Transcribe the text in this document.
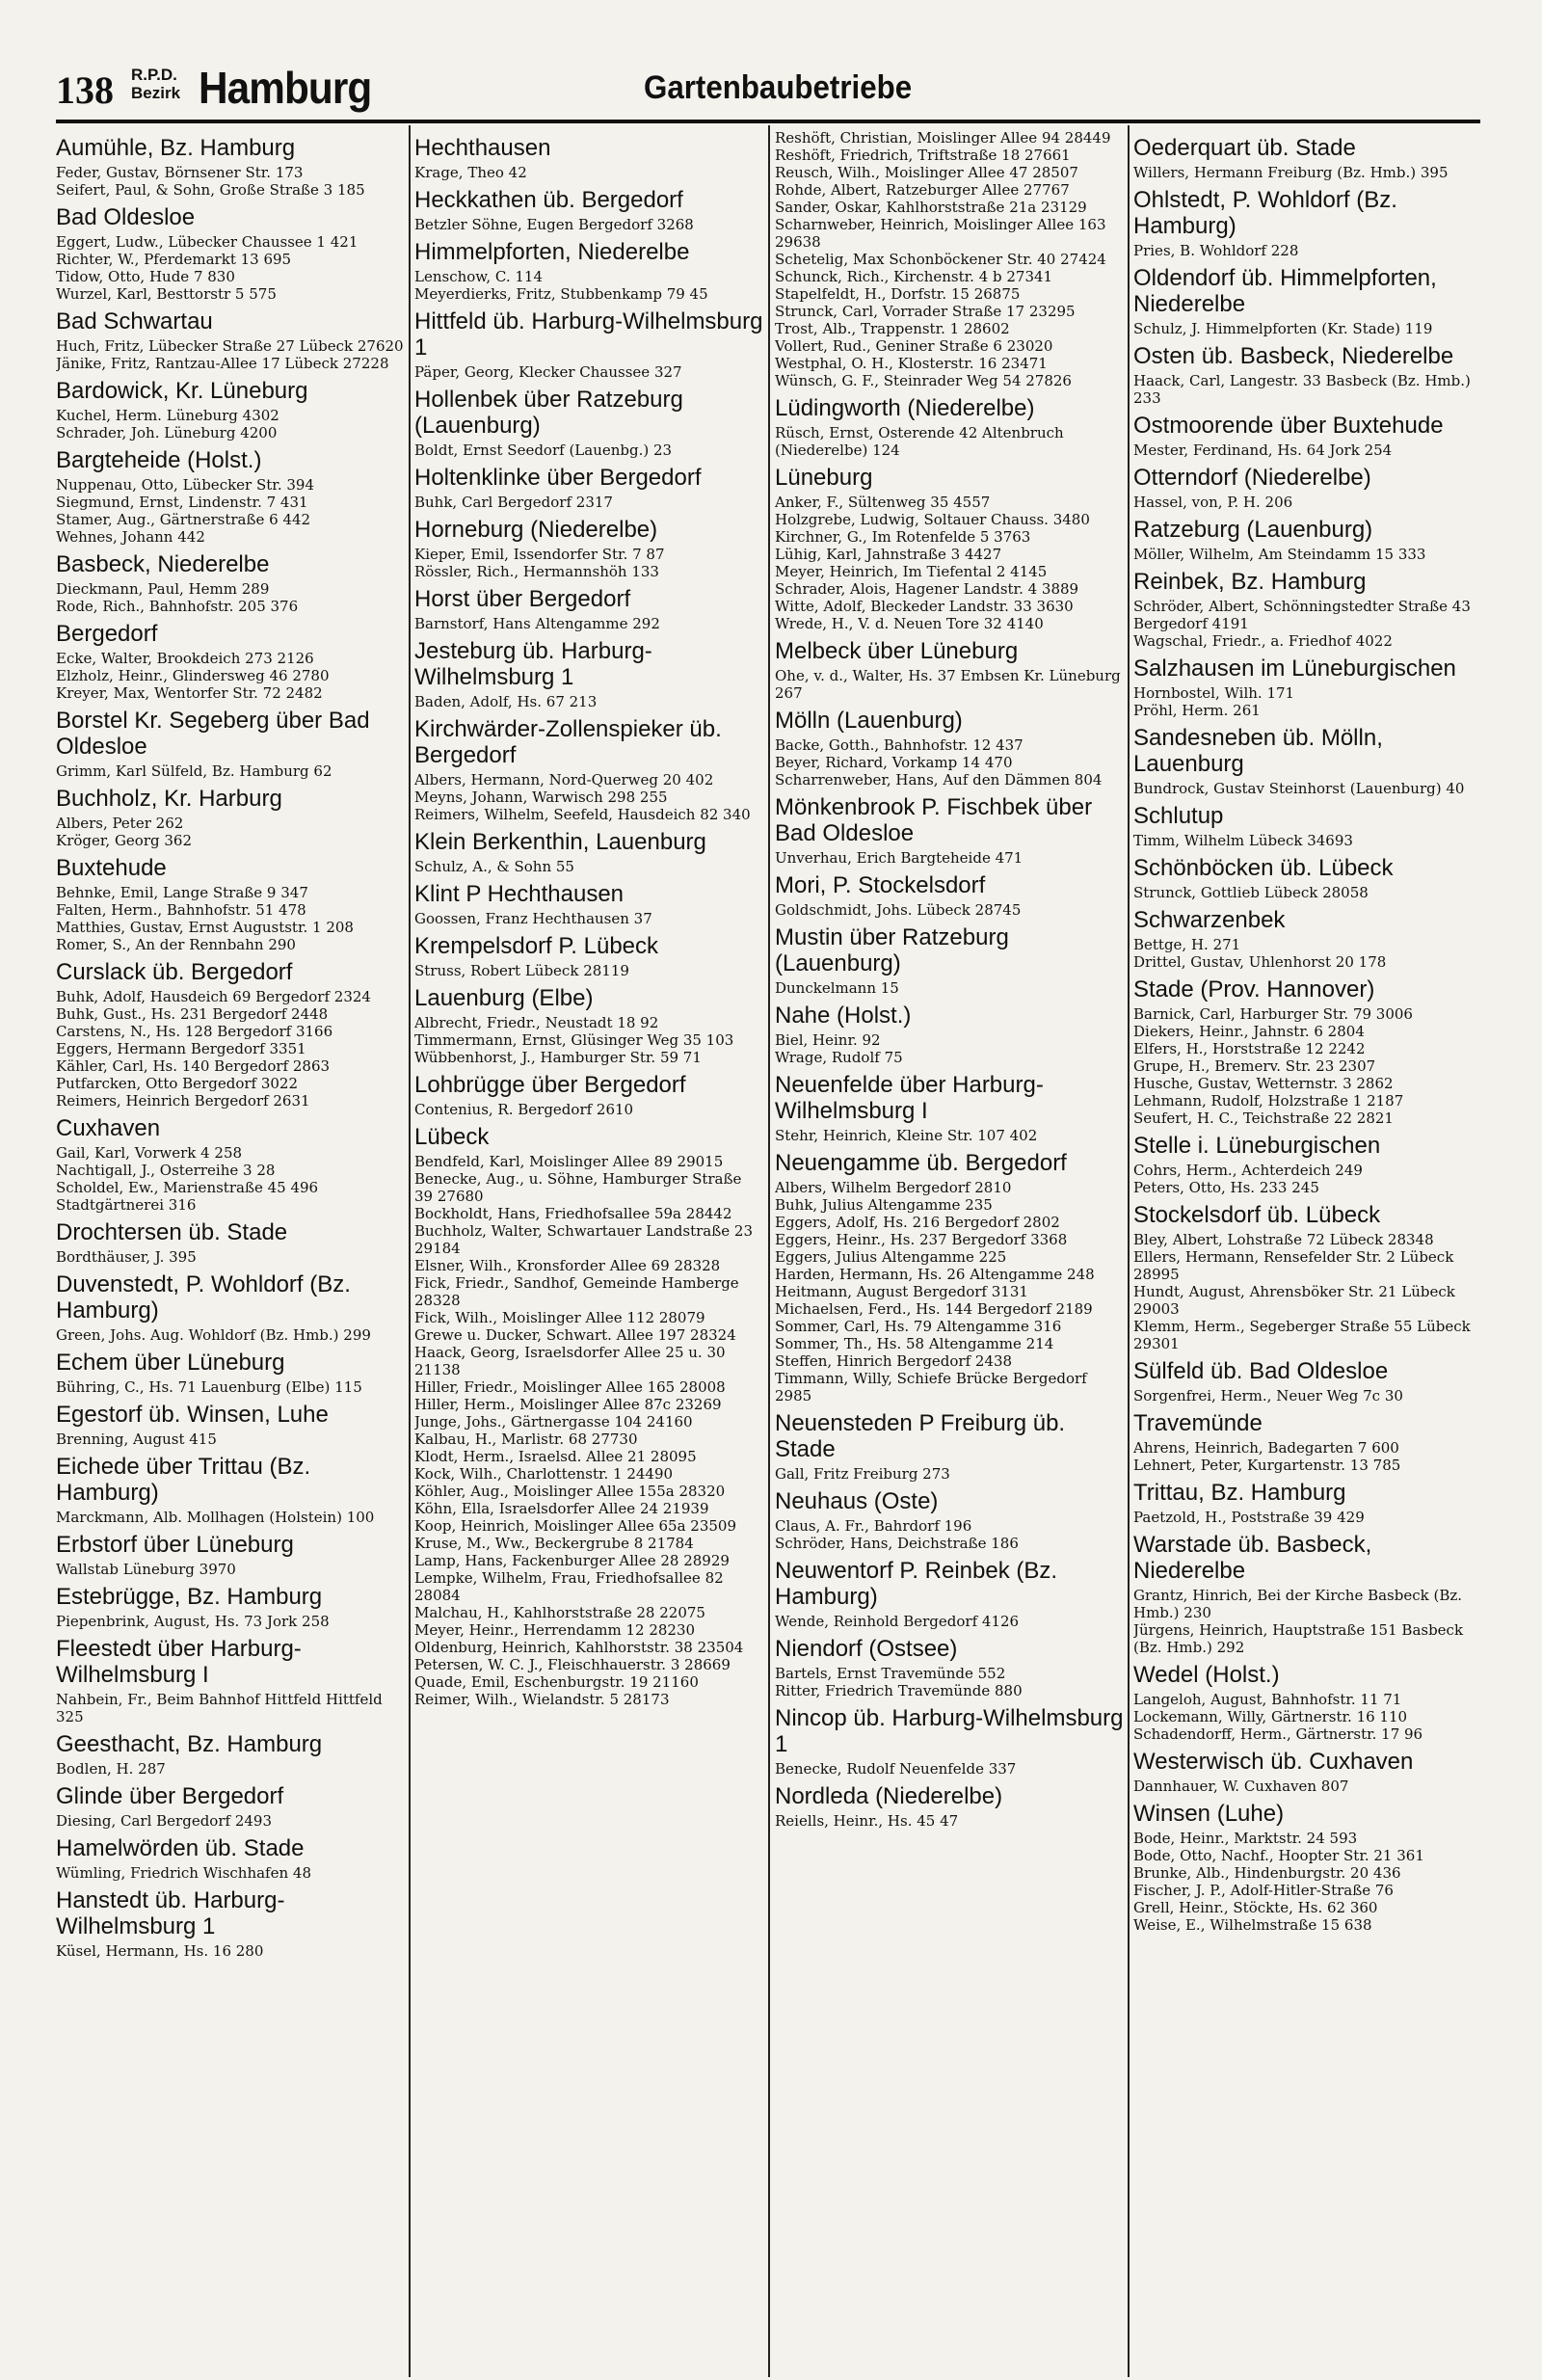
138 R.P.D.
Bezirk Hamburg	Gartenbaubetriebe
Aumühle, Bz. Hamburg
Feder, Gustav, Börnsener Str. 173
Seifert, Paul, & Sohn, Große Straße 3 185
Bad Oldesloe
Eggert, Ludw., Lübecker Chaussee 1 421
Richter, W., Pferdemarkt 13 695
Tidow, Otto, Hude 7 830
Wurzel, Karl, Besttorstr 5 575
Bad Schwartau
Huch, Fritz, Lübecker Straße 27 Lübeck 27620
Jänike, Fritz, Rantzau-Allee 17 Lübeck 27228
Bardowick, Kr. Lüneburg
Kuchel, Herm. Lüneburg 4302
Schrader, Joh. Lüneburg 4200
Bargteheide (Holst.)
Nuppenau, Otto, Lübecker Str. 394
Siegmund, Ernst, Lindenstr. 7 431
Stamer, Aug., Gärtnerstraße 6 442
Wehnes, Johann 442
Basbeck, Niederelbe
Dieckmann, Paul, Hemm 289
Rode, Rich., Bahnhofstr. 205 376
Bergedorf
Ecke, Walter, Brookdeich 273 2126
Elzholz, Heinr., Glindersweg 46 2780
Kreyer, Max, Wentorfer Str. 72 2482
Borstel Kr. Segeberg über Bad Oldesloe
Grimm, Karl Sülfeld, Bz. Hamburg 62
Buchholz, Kr. Harburg
Albers, Peter 262
Kröger, Georg 362
Buxtehude
Behnke, Emil, Lange Straße 9 347
Falten, Herm., Bahnhofstr. 51 478
Matthies, Gustav, Ernst Auguststr. 1 208
Romer, S., An der Rennbahn 290
Curslack üb. Bergedorf
Buhk, Adolf, Hausdeich 69 Bergedorf 2324
Buhk, Gust., Hs. 231 Bergedorf 2448
Carstens, N., Hs. 128 Bergedorf 3166
Eggers, Hermann Bergedorf 3351
Kähler, Carl, Hs. 140 Bergedorf 2863
Putfarcken, Otto Bergedorf 3022
Reimers, Heinrich Bergedorf 2631
Cuxhaven
Gail, Karl, Vorwerk 4 258
Nachtigall, J., Osterreihe 3 28
Scholdel, Ew., Marienstraße 45 496
Stadtgärtnerei 316
Drochtersen üb. Stade
Bordthäuser, J. 395
Duvenstedt, P. Wohldorf (Bz. Hamburg)
Green, Johs. Aug. Wohldorf (Bz. Hmb.) 299
Echem über Lüneburg
Bühring, C., Hs. 71 Lauenburg (Elbe) 115
Egestorf üb. Winsen, Luhe
Brenning, August 415
Eichede über Trittau (Bz. Hamburg)
Marckmann, Alb. Mollhagen (Holstein) 100
Erbstorf über Lüneburg
Wallstab Lüneburg 3970
Estebrügge, Bz. Hamburg
Piepenbrink, August, Hs. 73 Jork 258
Fleestedt über Harburg-Wilhelmsburg I
Nahbein, Fr., Beim Bahnhof Hittfeld Hittfeld 325
Geesthacht, Bz. Hamburg
Bodlen, H. 287
Glinde über Bergedorf
Diesing, Carl Bergedorf 2493
Hamelwörden üb. Stade
Wümling, Friedrich Wischhafen 48
Hanstedt üb. Harburg-Wilhelmsburg 1
Küsel, Hermann, Hs. 16 280
Hechthausen
Krage, Theo 42
Heckkathen üb. Bergedorf
Betzler Söhne, Eugen Bergedorf 3268
Himmelpforten, Niederelbe
Lenschow, C. 114
Meyerdierks, Fritz, Stubbenkamp 79 45
Hittfeld üb. Harburg-Wilhelmsburg 1
Päper, Georg, Klecker Chaussee 327
Hollenbek über Ratzeburg (Lauenburg)
Boldt, Ernst Seedorf (Lauenbg.) 23
Holtenklinke über Bergedorf
Buhk, Carl Bergedorf 2317
Horneburg (Niederelbe)
Kieper, Emil, Issendorfer Str. 7 87
Rössler, Rich., Hermannshöh 133
Horst über Bergedorf
Barnstorf, Hans Altengamme 292
Jesteburg üb. Harburg-Wilhelmsburg 1
Baden, Adolf, Hs. 67 213
Kirchwärder-Zollenspieker üb. Bergedorf
Albers, Hermann, Nord-Querweg 20 402
Meyns, Johann, Warwisch 298 255
Reimers, Wilhelm, Seefeld, Hausdeich 82 340
Klein Berkenthin, Lauenburg
Schulz, A., & Sohn 55
Klint P Hechthausen
Goossen, Franz Hechthausen 37
Krempelsdorf P. Lübeck
Struss, Robert Lübeck 28119
Lauenburg (Elbe)
Albrecht, Friedr., Neustadt 18 92
Timmermann, Ernst, Glüsinger Weg 35 103
Wübbenhorst, J., Hamburger Str. 59 71
Lohbrügge über Bergedorf
Contenius, R. Bergedorf 2610
Lübeck
Bendfeld, Karl, Moislinger Allee 89 29015
Benecke, Aug., u. Söhne, Hamburger Straße 39 27680
Bockholdt, Hans, Friedhofsallee 59a 28442
Buchholz, Walter, Schwartauer Landstraße 23 29184
Elsner, Wilh., Kronsforder Allee 69 28328
Fick, Friedr., Sandhof, Gemeinde Hamberge 28328
Fick, Wilh., Moislinger Allee 112 28079
Grewe u. Ducker, Schwart. Allee 197 28324
Haack, Georg, Israelsdorfer Allee 25 u. 30 21138
Hiller, Friedr., Moislinger Allee 165 28008
Hiller, Herm., Moislinger Allee 87c 23269
Junge, Johs., Gärtnergasse 104 24160
Kalbau, H., Marlistr. 68 27730
Klodt, Herm., Israelsd. Allee 21 28095
Kock, Wilh., Charlottenstr. 1 24490
Köhler, Aug., Moislinger Allee 155a 28320
Köhn, Ella, Israelsdorfer Allee 24 21939
Koop, Heinrich, Moislinger Allee 65a 23509
Kruse, M., Ww., Beckergrube 8 21784
Lamp, Hans, Fackenburger Allee 28 28929
Lempke, Wilhelm, Frau, Friedhofsallee 82 28084
Malchau, H., Kahlhorststraße 28 22075
Meyer, Heinr., Herrendamm 12 28230
Oldenburg, Heinrich, Kahlhorststr. 38 23504
Petersen, W. C. J., Fleischhauerstr. 3 28669
Quade, Emil, Eschenburgstr. 19 21160
Reimer, Wilh., Wielandstr. 5 28173
Reshöft, Christian, Moislinger Allee 94 28449
Reshöft, Friedrich, Triftstraße 18 27661
Reusch, Wilh., Moislinger Allee 47 28507
Rohde, Albert, Ratzeburger Allee 27767
Sander, Oskar, Kahlhorststraße 21a 23129
Scharnweber, Heinrich, Moislinger Allee 163 29638
Schetelig, Max Schonböckener Str. 40 27424
Schunck, Rich., Kirchenstr. 4 b 27341
Stapelfeldt, H., Dorfstr. 15 26875
Strunck, Carl, Vorrader Straße 17 23295
Trost, Alb., Trappenstr. 1 28602
Vollert, Rud., Geniner Straße 6 23020
Westphal, O. H., Klosterstr. 16 23471
Wünsch, G. F., Steinrader Weg 54 27826
Lüdingworth (Niederelbe)
Rüsch, Ernst, Osterende 42 Altenbruch (Niederelbe) 124
Lüneburg
Anker, F., Sültenweg 35 4557
Holzgrebe, Ludwig, Soltauer Chauss. 3480
Kirchner, G., Im Rotenfelde 5 3763
Lühig, Karl, Jahnstraße 3 4427
Meyer, Heinrich, Im Tiefental 2 4145
Schrader, Alois, Hagener Landstr. 4 3889
Witte, Adolf, Bleckeder Landstr. 33 3630
Wrede, H., V. d. Neuen Tore 32 4140
Melbeck über Lüneburg
Ohe, v. d., Walter, Hs. 37 Embsen Kr. Lüneburg 267
Mölln (Lauenburg)
Backe, Gotth., Bahnhofstr. 12 437
Beyer, Richard, Vorkamp 14 470
Scharrenweber, Hans, Auf den Dämmen 804
Mönkenbrook P. Fischbek über Bad Oldesloe
Unverhau, Erich Bargteheide 471
Mori, P. Stockelsdorf
Goldschmidt, Johs. Lübeck 28745
Mustin über Ratzeburg (Lauenburg)
Dunckelmann 15
Nahe (Holst.)
Biel, Heinr. 92
Wrage, Rudolf 75
Neuenfelde über Harburg-Wilhelmsburg I
Stehr, Heinrich, Kleine Str. 107 402
Neuengamme üb. Bergedorf
Albers, Wilhelm Bergedorf 2810
Buhk, Julius Altengamme 235
Eggers, Adolf, Hs. 216 Bergedorf 2802
Eggers, Heinr., Hs. 237 Bergedorf 3368
Eggers, Julius Altengamme 225
Harden, Hermann, Hs. 26 Altengamme 248
Heitmann, August Bergedorf 3131
Michaelsen, Ferd., Hs. 144 Bergedorf 2189
Sommer, Carl, Hs. 79 Altengamme 316
Sommer, Th., Hs. 58 Altengamme 214
Steffen, Hinrich Bergedorf 2438
Timmann, Willy, Schiefe Brücke Bergedorf 2985
Neuensteden P Freiburg üb. Stade
Gall, Fritz Freiburg 273
Neuhaus (Oste)
Claus, A. Fr., Bahrdorf 196
Schröder, Hans, Deichstraße 186
Neuwentorf P. Reinbek (Bz. Hamburg)
Wende, Reinhold Bergedorf 4126
Niendorf (Ostsee)
Bartels, Ernst Travemünde 552
Ritter, Friedrich Travemünde 880
Nincop üb. Harburg-Wilhelmsburg 1
Benecke, Rudolf Neuenfelde 337
Nordleda (Niederelbe)
Reiells, Heinr., Hs. 45 47
Oederquart üb. Stade
Willers, Hermann Freiburg (Bz. Hmb.) 395
Ohlstedt, P. Wohldorf (Bz. Hamburg)
Pries, B. Wohldorf 228
Oldendorf üb. Himmelpforten, Niederelbe
Schulz, J. Himmelpforten (Kr. Stade) 119
Osten üb. Basbeck, Niederelbe
Haack, Carl, Langestr. 33 Basbeck (Bz. Hmb.) 233
Ostmoorende über Buxtehude
Mester, Ferdinand, Hs. 64 Jork 254
Otterndorf (Niederelbe)
Hassel, von, P. H. 206
Ratzeburg (Lauenburg)
Möller, Wilhelm, Am Steindamm 15 333
Reinbek, Bz. Hamburg
Schröder, Albert, Schönningstedter Straße 43 Bergedorf 4191
Wagschal, Friedr., a. Friedhof 4022
Salzhausen im Lüneburgischen
Hornbostel, Wilh. 171
Pröhl, Herm. 261
Sandesneben üb. Mölln, Lauenburg
Bundrock, Gustav Steinhorst (Lauenburg) 40
Schlutup
Timm, Wilhelm Lübeck 34693
Schönböcken üb. Lübeck
Strunck, Gottlieb Lübeck 28058
Schwarzenbek
Bettge, H. 271
Drittel, Gustav, Uhlenhorst 20 178
Stade (Prov. Hannover)
Barnick, Carl, Harburger Str. 79 3006
Diekers, Heinr., Jahnstr. 6 2804
Elfers, H., Horststraße 12 2242
Grupe, H., Bremerv. Str. 23 2307
Husche, Gustav, Wetternstr. 3 2862
Lehmann, Rudolf, Holzstraße 1 2187
Seufert, H. C., Teichstraße 22 2821
Stelle i. Lüneburgischen
Cohrs, Herm., Achterdeich 249
Peters, Otto, Hs. 233 245
Stockelsdorf üb. Lübeck
Bley, Albert, Lohstraße 72 Lübeck 28348
Ellers, Hermann, Rensefelder Str. 2 Lübeck 28995
Hundt, August, Ahrensböker Str. 21 Lübeck 29003
Klemm, Herm., Segeberger Straße 55 Lübeck 29301
Sülfeld üb. Bad Oldesloe
Sorgenfrei, Herm., Neuer Weg 7c 30
Travemünde
Ahrens, Heinrich, Badegarten 7 600
Lehnert, Peter, Kurgartenstr. 13 785
Trittau, Bz. Hamburg
Paetzold, H., Poststraße 39 429
Warstade üb. Basbeck, Niederelbe
Grantz, Hinrich, Bei der Kirche Basbeck (Bz. Hmb.) 230
Jürgens, Heinrich, Hauptstraße 151 Basbeck (Bz. Hmb.) 292
Wedel (Holst.)
Langeloh, August, Bahnhofstr. 11 71
Lockemann, Willy, Gärtnerstr. 16 110
Schadendorff, Herm., Gärtnerstr. 17 96
Westerwisch üb. Cuxhaven
Dannhauer, W. Cuxhaven 807
Winsen (Luhe)
Bode, Heinr., Marktstr. 24 593
Bode, Otto, Nachf., Hoopter Str. 21 361
Brunke, Alb., Hindenburgstr. 20 436
Fischer, J. P., Adolf-Hitler-Straße 76
Grell, Heinr., Stöckte, Hs. 62 360
Weise, E., Wilhelmstraße 15 638
